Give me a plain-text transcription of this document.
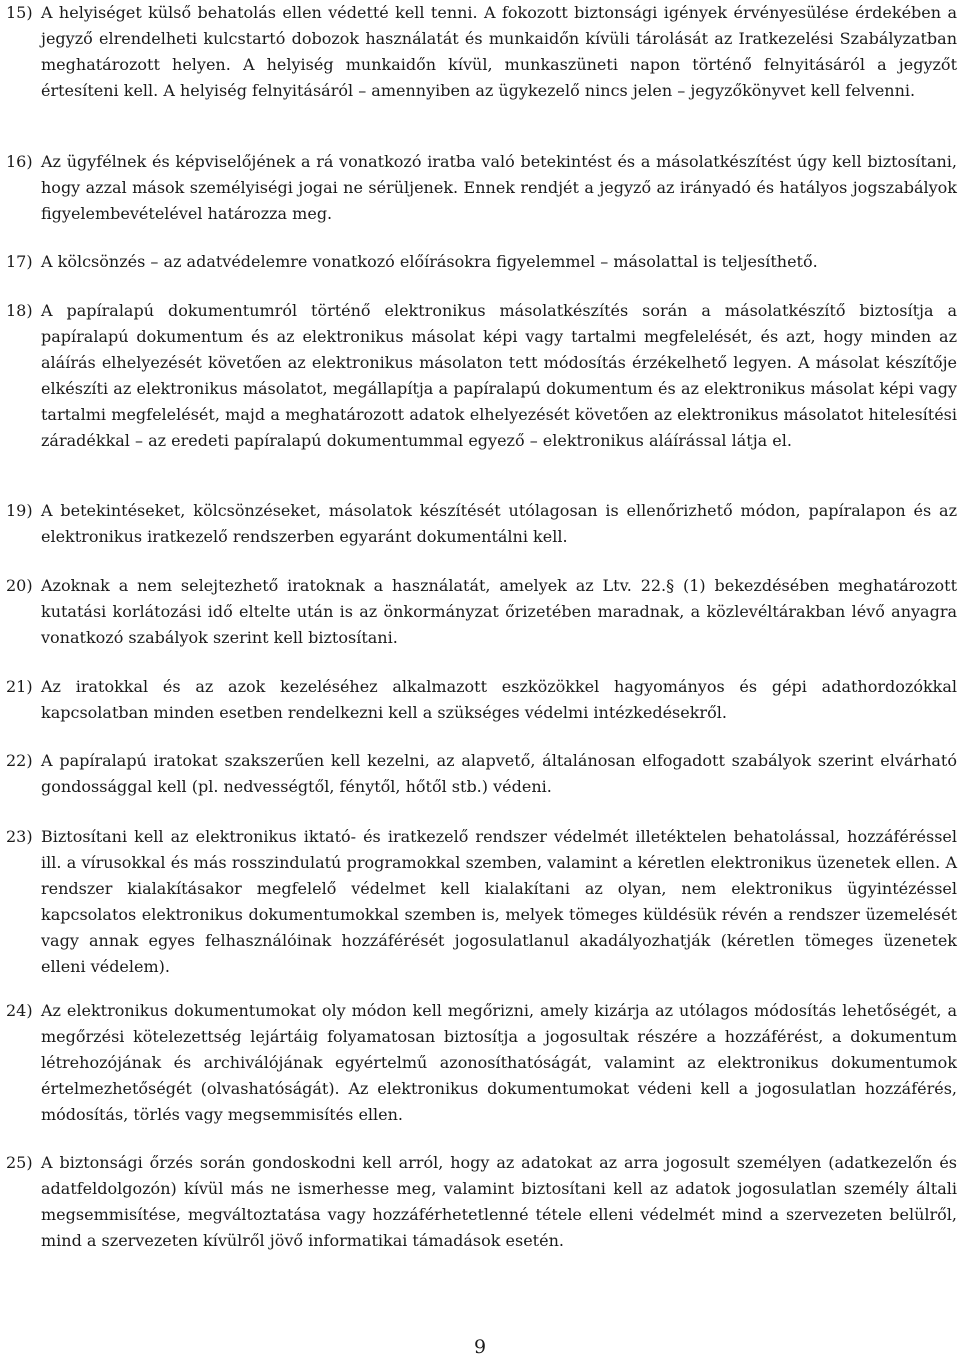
15) A helyiséget külső behatolás ellen védetté kell tenni. A fokozott biztonsági igények érvényesülése érdekében a jegyző elrendelheti kulcstartó dobozok használatát és munkaidőn kívüli tárolását az Iratkezelési Szabályzatban meghatározott helyen. A helyiség munkaidőn kívül, munkaszüneti napon történő felnyitásáról a jegyzőt értesíteni kell. A helyiség felnyitásáról – amennyiben az ügykezelő nincs jelen – jegyzőkönyvet kell felvenni.
16) Az ügyfélnek és képviselőjének a rá vonatkozó iratba való betekintést és a másolatkészítést úgy kell biztosítani, hogy azzal mások személyiségi jogai ne sérüljenek. Ennek rendjét a jegyző az irányadó és hatályos jogszabályok figyelembevételével határozza meg.
17) A kölcsönzés – az adatvédelemre vonatkozó előírásokra figyelemmel – másolattal is teljesíthető.
18) A papíralapú dokumentumról történő elektronikus másolatkészítés során a másolatkészítő biztosítja a papíralapú dokumentum és az elektronikus másolat képi vagy tartalmi megfelelését, és azt, hogy minden az aláírás elhelyezését követően az elektronikus másolaton tett módosítás érzékelhető legyen. A másolat készítője elkészíti az elektronikus másolatot, megállapítja a papíralapú dokumentum és az elektronikus másolat képi vagy tartalmi megfelelését, majd a meghatározott adatok elhelyezését követően az elektronikus másolatot hitelesítési záradékkal – az eredeti papíralapú dokumentummal egyező – elektronikus aláírással látja el.
19) A betekintéseket, kölcsönzéseket, másolatok készítését utólagosan is ellenőrizhető módon, papíralapon és az elektronikus iratkezelő rendszerben egyaránt dokumentálni kell.
20) Azoknak a nem selejtezhető iratoknak a használatát, amelyek az Ltv. 22.§ (1) bekezdésében meghatározott kutatási korlátozási idő eltelte után is az önkormányzat őrizetében maradnak, a közlevéltárakban lévő anyagra vonatkozó szabályok szerint kell biztosítani.
21) Az iratokkal és az azok kezeléséhez alkalmazott eszközökkel hagyományos és gépi adathordozókkal kapcsolatban minden esetben rendelkezni kell a szükséges védelmi intézkedésekről.
22) A papíralapú iratokat szakszerűen kell kezelni, az alapvető, általánosan elfogadott szabályok szerint elvárható gondossággal kell (pl. nedvességtől, fénytől, hőtől stb.) védeni.
23) Biztosítani kell az elektronikus iktató- és iratkezelő rendszer védelmét illetéktelen behatolással, hozzáféréssel ill. a vírusokkal és más rosszindulatú programokkal szemben, valamint a kéretlen elektronikus üzenetek ellen. A rendszer kialakításakor megfelelő védelmet kell kialakítani az olyan, nem elektronikus ügyintézéssel kapcsolatos elektronikus dokumentumokkal szemben is, melyek tömeges küldésük révén a rendszer üzemelését vagy annak egyes felhasználóinak hozzáférését jogosulatlanul akadályozhatják (kéretlen tömeges üzenetek elleni védelem).
24) Az elektronikus dokumentumokat oly módon kell megőrizni, amely kizárja az utólagos módosítás lehetőségét, a megőrzési kötelezettség lejártáig folyamatosan biztosítja a jogosultak részére a hozzáférést, a dokumentum létrehozójának és archiválójának egyértelmű azonosíthatóságát, valamint az elektronikus dokumentumok értelmezhetőségét (olvashatóságát). Az elektronikus dokumentumokat védeni kell a jogosulatlan hozzáférés, módosítás, törlés vagy megsemmisítés ellen.
25) A biztonsági őrzés során gondoskodni kell arról, hogy az adatokat az arra jogosult személyen (adatkezelőn és adatfeldolgozón) kívül más ne ismerhesse meg, valamint biztosítani kell az adatok jogosulatlan személy általi megsemmisítése, megváltoztatása vagy hozzáférhetetlenné tétele elleni védelmét mind a szervezeten belülről, mind a szervezeten kívülről jövő informatikai támadások esetén.
9
